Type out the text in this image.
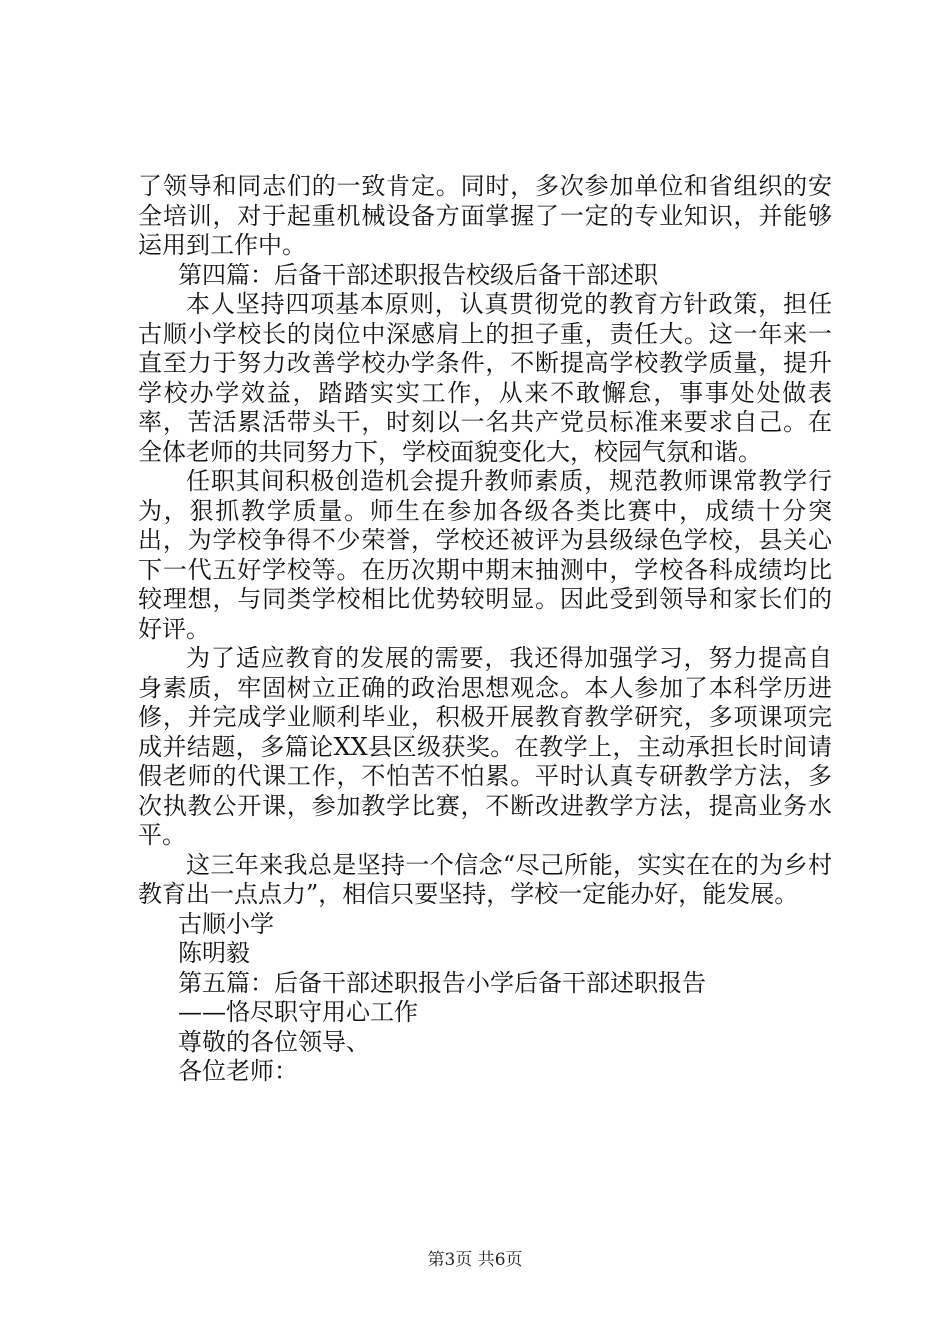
了领导和同志们的一致肯定。同时，多次参加单位和省组织的安全培训，对于起重机械设备方面掌握了一定的专业知识，并能够运用到工作中。

第四篇：后备干部述职报告校级后备干部述职

本人坚持四项基本原则，认真贯彻党的教育方针政策，担任古顺小学校长的岗位中深感肩上的担子重，责任大。这一年来一直至力于努力改善学校办学条件，不断提高学校教学质量，提升学校办学效益，踏踏实实工作，从来不敢懈怠，事事处处做表率，苦活累活带头干，时刻以一名共产党员标准来要求自己。在全体老师的共同努力下，学校面貌变化大，校园气氛和谐。

任职其间积极创造机会提升教师素质，规范教师课常教学行为，狠抓教学质量。师生在参加各级各类比赛中，成绩十分突出，为学校争得不少荣誉，学校还被评为县级绿色学校，县关心下一代五好学校等。在历次期中期末抽测中，学校各科成绩均比较理想，与同类学校相比优势较明显。因此受到领导和家长们的好评。

为了适应教育的发展的需要，我还得加强学习，努力提高自身素质，牢固树立正确的政治思想观念。本人参加了本科学历进修，并完成学业顺利毕业，积极开展教育教学研究，多项课项完成并结题，多篇论XX县区级获奖。在教学上，主动承担长时间请假老师的代课工作，不怕苦不怕累。平时认真专研教学方法，多次执教公开课，参加教学比赛，不断改进教学方法，提高业务水平。

这三年来我总是坚持一个信念“尽己所能，实实在在的为乡村教育出一点点力”，相信只要坚持，学校一定能办好，能发展。

古顺小学

陈明毅

第五篇：后备干部述职报告小学后备干部述职报告

——恪尽职守用心工作

尊敬的各位领导、

各位老师：

第3页 共6页
